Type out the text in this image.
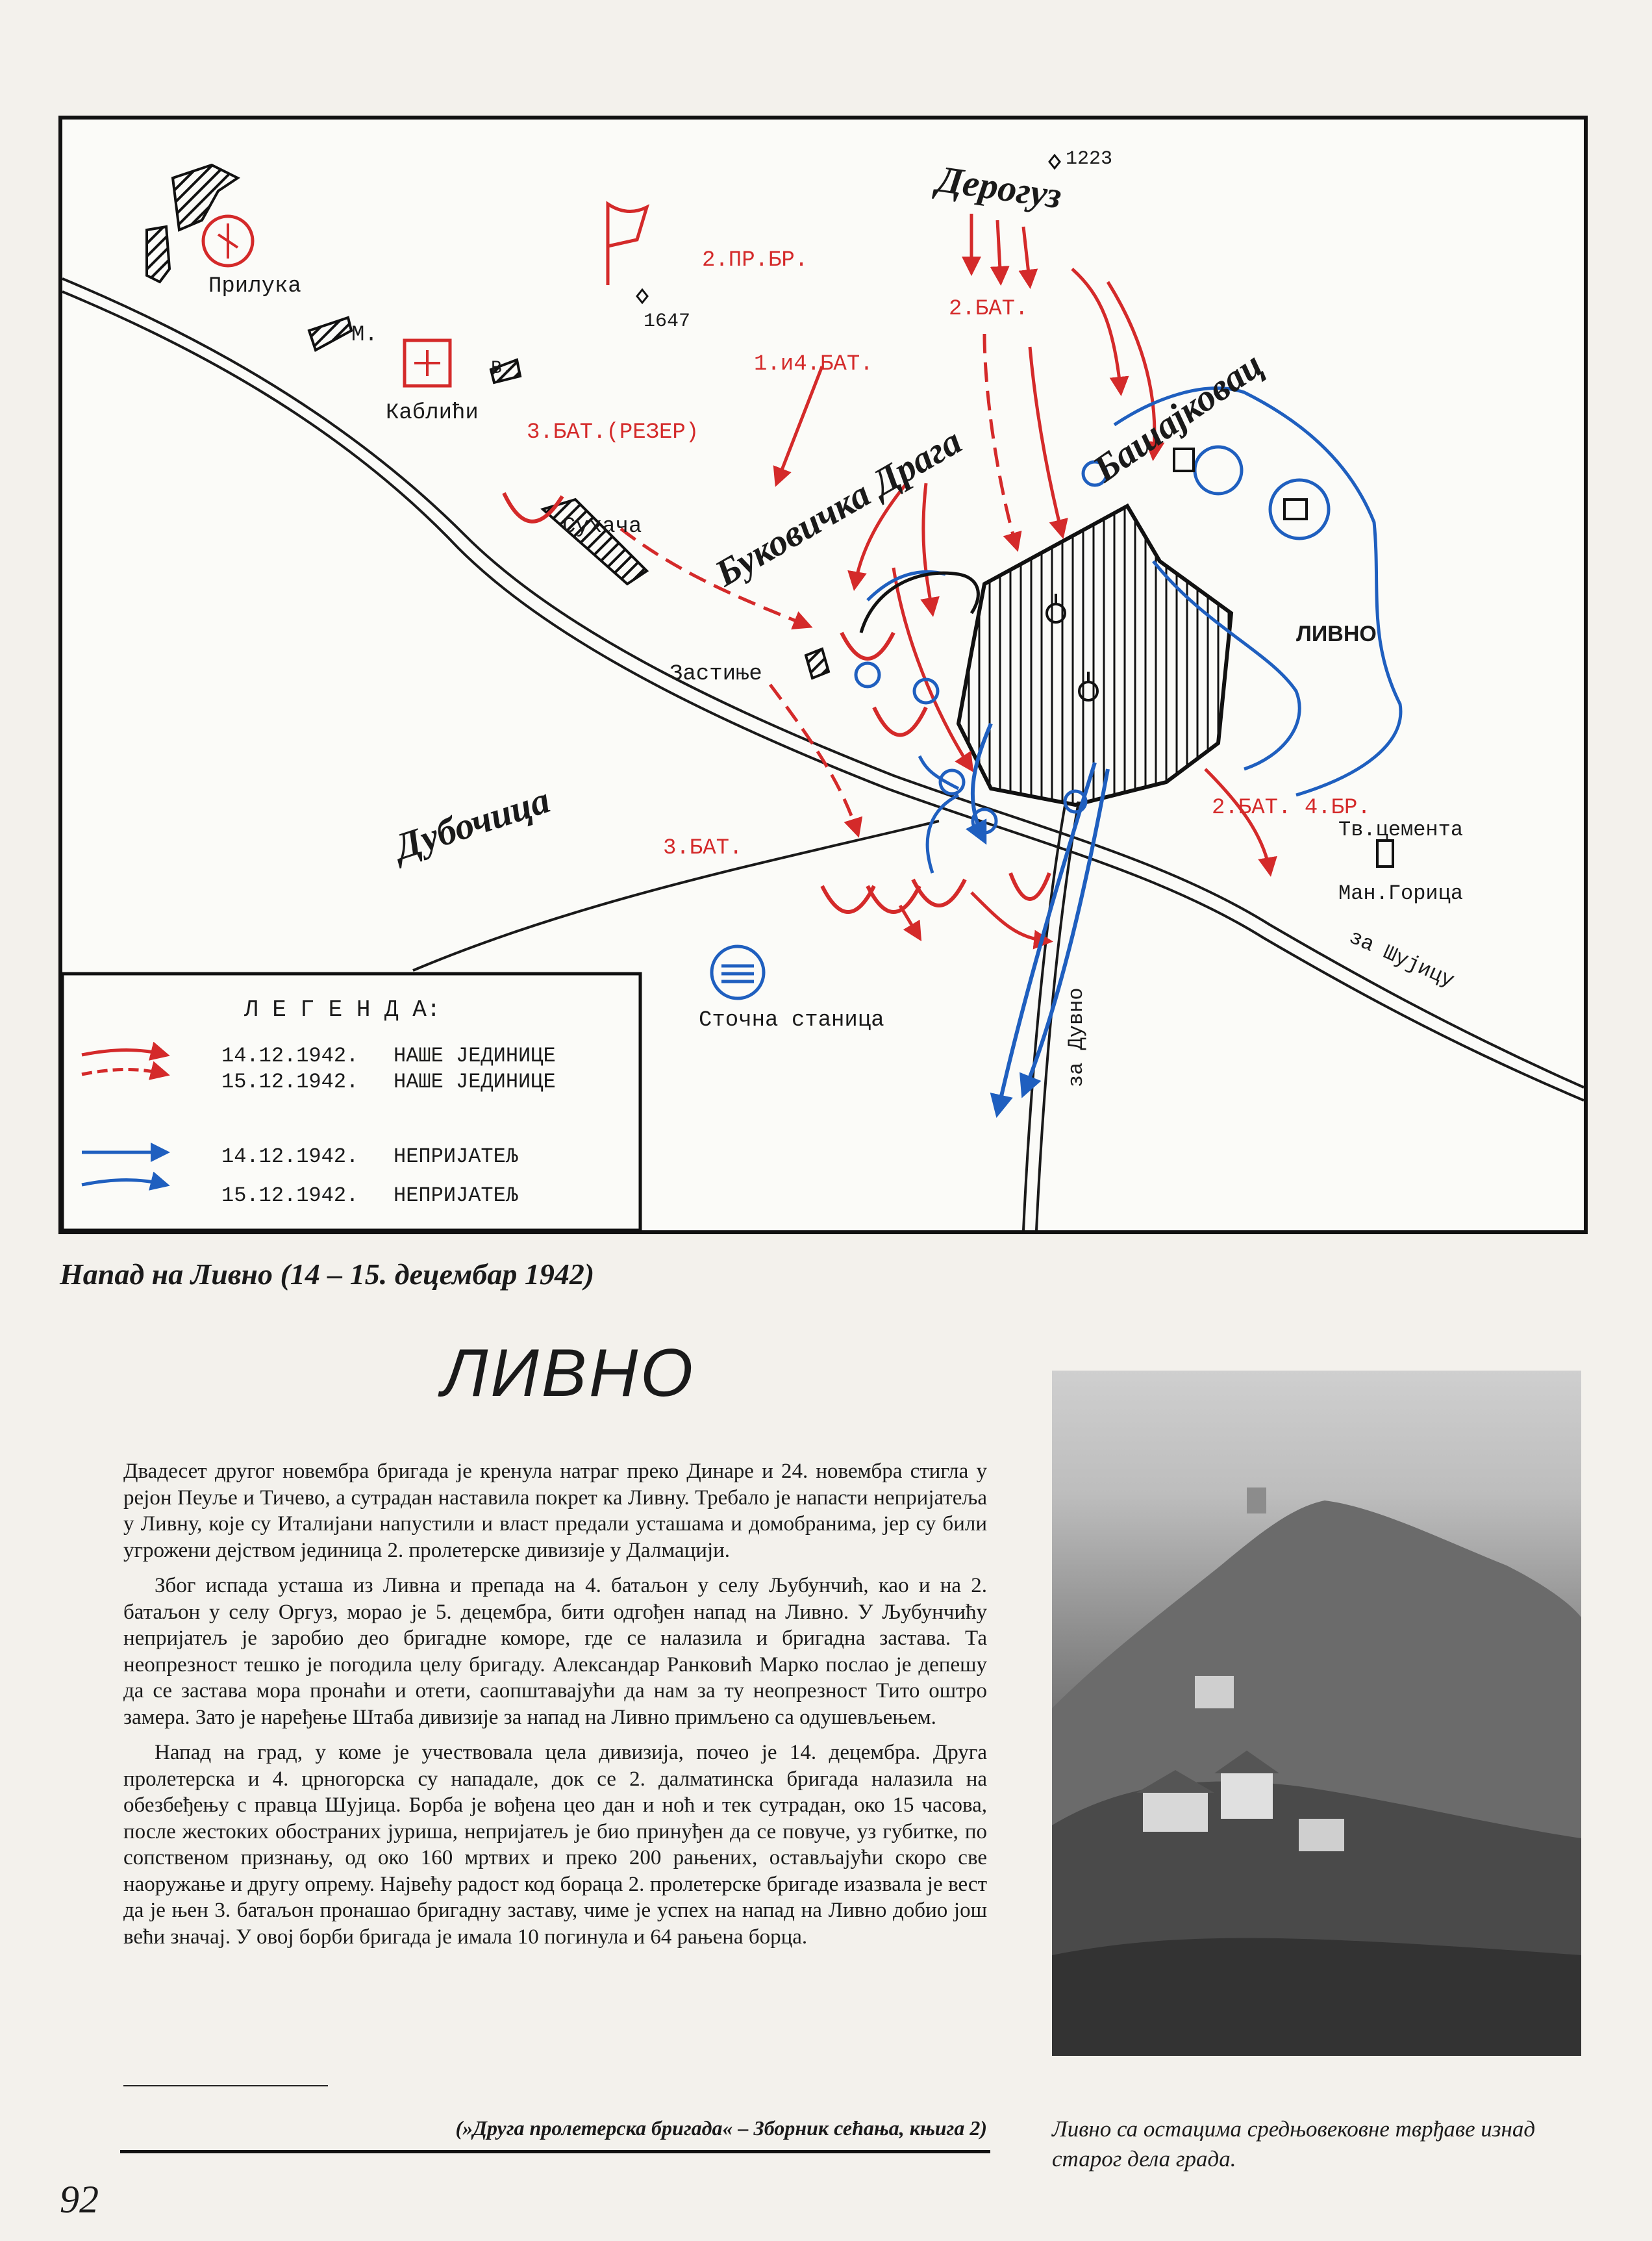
Прилука
М.
В.
Каблићи
Сухача
Застиње
Тв.цемента
Ман.Горица
Сточна станица
ЛИВНО
1223
1647
за Дувно
за Шујицу
Дерогуз
Башајковац
Буковичка Драга
Дубочица
2.ПР.БР.
2.БАТ.
1.и4.БАТ.
3.БАТ.(РЕЗЕР)
3.БАТ.
2.БАТ. 4.БР.
Л Е Г Е Н Д А:
14.12.1942. НАШЕ ЈЕДИНИЦЕ
15.12.1942. НАШЕ ЈЕДИНИЦЕ
14.12.1942. НЕПРИЈАТЕЉ
15.12.1942. НЕПРИЈАТЕЉ
Напад на Ливно (14 – 15. децембар 1942)
ЛИВНО

Двадесет другог новембра бригада је кренула натраг преко Динаре и 24. новембра стигла у рејон Пеуље и Тичево, а сутрадан наставила покрет ка Ливну. Требало је напасти непријатеља у Ливну, које су Италијани напустили и власт предали усташама и домобранима, јер су били угрожени дејством јединица 2. пролетерске дивизије у Далмацији.

Због испада усташа из Ливна и препада на 4. батаљон у селу Љубунчић, као и на 2. батаљон у селу Оргуз, морао је 5. децембра, бити одгођен напад на Ливно. У Љубунчићу непријатељ је заробио део бригадне коморе, где се налазила и бригадна застава. Та неопрезност тешко је погодила целу бригаду. Александар Ранковић Марко послао је депешу да се застава мора пронаћи и отети, саопштавајући да нам за ту неопрезност Тито оштро замера. Зато је наређење Штаба дивизије за напад на Ливно примљено са одушевљењем.

Напад на град, у коме је учествовала цела дивизија, почео је 14. децембра. Друга пролетерска и 4. црногорска су нападале, док се 2. далматинска бригада налазила на обезбеђењу с правца Шујица. Борба је вођена цео дан и ноћ и тек сутрадан, око 15 часова, после жестоких обостраних јуриша, непријатељ је био принуђен да се повуче, уз губитке, по сопственом признању, од око 160 мртвих и преко 200 рањених, остављајући скоро све наоружање и другу опрему. Највећу радост код бораца 2. пролетерске бригаде изазвала је вест да је њен 3. батаљон пронашао бригадну заставу, чиме је успех на напад на Ливно добио још већи значај. У овој борби бригада је имала 10 погинула и 64 рањена борца.

(»Друга пролетерска бригада« – Зборник сећања, књига 2)	Ливно са остацима средњовековне тврђаве изнад старог дела града.
92
